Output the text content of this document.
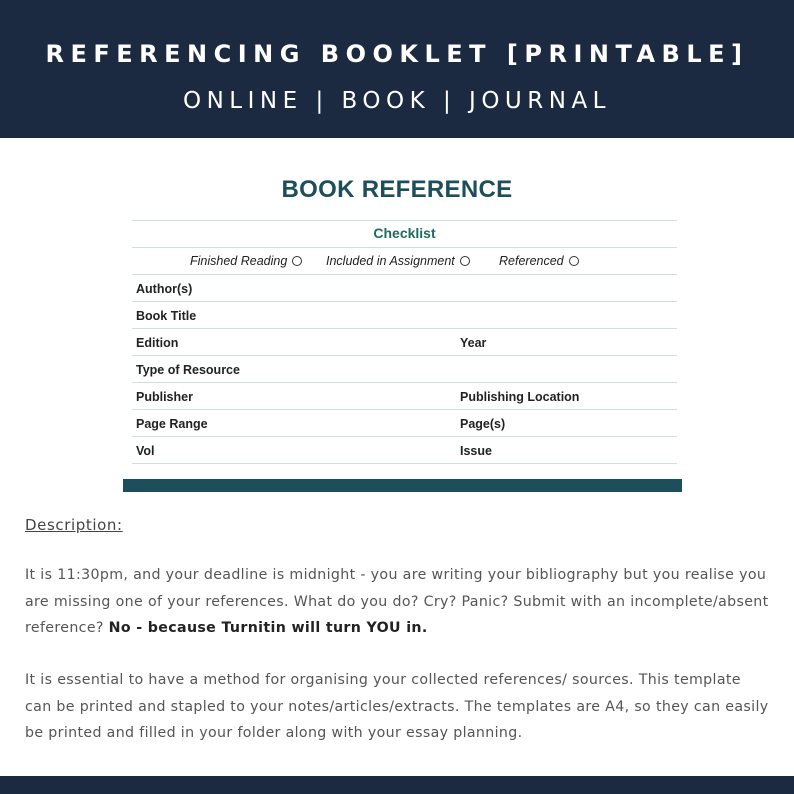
REFERENCING BOOKLET [PRINTABLE]
ONLINE | BOOK | JOURNAL
BOOK REFERENCE
Checklist
Finished Reading	Included in Assignment	Referenced
Author(s)
Book Title
Edition	Year
Type of Resource
Publisher	Publishing Location
Page Range	Page(s)
Vol	Issue
Description:
It is 11:30pm, and your deadline is midnight - you are writing your bibliography but you realise you
are missing one of your references. What do you do? Cry? Panic? Submit with an incomplete/absent
reference? No - because Turnitin will turn YOU in.
It is essential to have a method for organising your collected references/ sources. This template
can be printed and stapled to your notes/articles/extracts. The templates are A4, so they can easily
be printed and filled in your folder along with your essay planning.
